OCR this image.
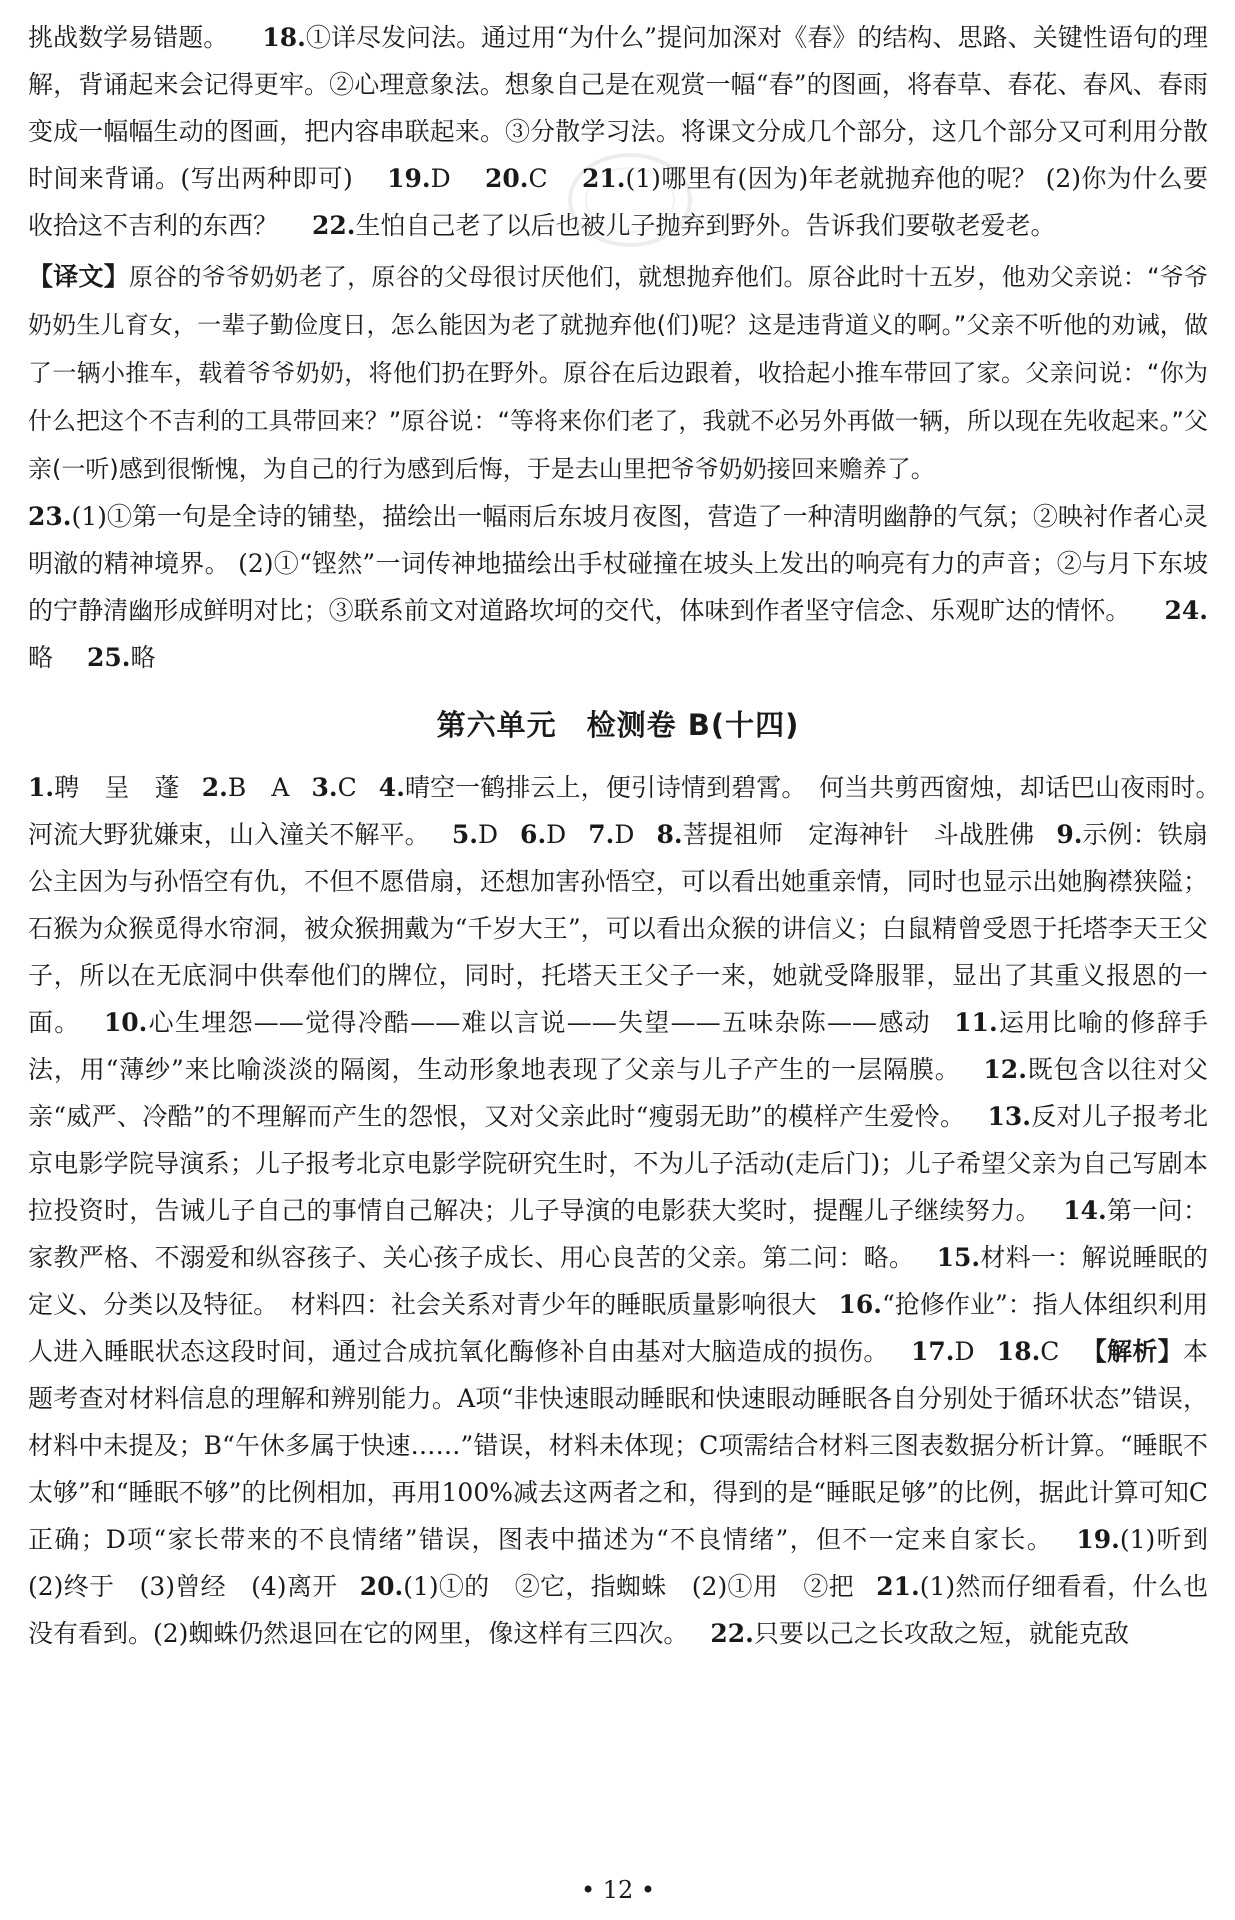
挑战数学易错题。 18.①详尽发问法。通过用“为什么”提问加深对《春》的结构、思路、关键性语句的理解，背诵起来会记得更牢。②心理意象法。想象自己是在观赏一幅“春”的图画，将春草、春花、春风、春雨变成一幅幅生动的图画，把内容串联起来。③分散学习法。将课文分成几个部分，这几个部分又可利用分散时间来背诵。(写出两种即可) 19.D 20.C 21.(1)哪里有(因为)年老就抛弃他的呢？ (2)你为什么要收拾这不吉利的东西？ 22.生怕自己老了以后也被儿子抛弃到野外。告诉我们要敬老爱老。

【译文】原谷的爷爷奶奶老了，原谷的父母很讨厌他们，就想抛弃他们。原谷此时十五岁，他劝父亲说：“爷爷奶奶生儿育女，一辈子勤俭度日，怎么能因为老了就抛弃他(们)呢？这是违背道义的啊。”父亲不听他的劝诫，做了一辆小推车，载着爷爷奶奶，将他们扔在野外。原谷在后边跟着，收拾起小推车带回了家。父亲问说：“你为什么把这个不吉利的工具带回来？”原谷说：“等将来你们老了，我就不必另外再做一辆，所以现在先收起来。”父亲(一听)感到很惭愧，为自己的行为感到后悔，于是去山里把爷爷奶奶接回来赡养了。

23.(1)①第一句是全诗的铺垫，描绘出一幅雨后东坡月夜图，营造了一种清明幽静的气氛；②映衬作者心灵明澈的精神境界。 (2)①“铿然”一词传神地描绘出手杖碰撞在坡头上发出的响亮有力的声音；②与月下东坡的宁静清幽形成鲜明对比；③联系前文对道路坎坷的交代，体味到作者坚守信念、乐观旷达的情怀。 24.略 25.略

第六单元 检测卷 B(十四)

1.聘　呈　蓬 2.B　A 3.C 4.晴空一鹤排云上，便引诗情到碧霄。　何当共剪西窗烛，却话巴山夜雨时。　河流大野犹嫌束，山入潼关不解平。 5.D 6.D 7.D 8.菩提祖师　定海神针　斗战胜佛 9.示例：铁扇公主因为与孙悟空有仇，不但不愿借扇，还想加害孙悟空，可以看出她重亲情，同时也显示出她胸襟狭隘；石猴为众猴觅得水帘洞，被众猴拥戴为“千岁大王”，可以看出众猴的讲信义；白鼠精曾受恩于托塔李天王父子，所以在无底洞中供奉他们的牌位，同时，托塔天王父子一来，她就受降服罪，显出了其重义报恩的一面。 10.心生埋怨——觉得冷酷——难以言说——失望——五味杂陈——感动 11.运用比喻的修辞手法，用“薄纱”来比喻淡淡的隔阂，生动形象地表现了父亲与儿子产生的一层隔膜。 12.既包含以往对父亲“威严、冷酷”的不理解而产生的怨恨，又对父亲此时“瘦弱无助”的模样产生爱怜。 13.反对儿子报考北京电影学院导演系；儿子报考北京电影学院研究生时，不为儿子活动(走后门)；儿子希望父亲为自己写剧本拉投资时，告诫儿子自己的事情自己解决；儿子导演的电影获大奖时，提醒儿子继续努力。 14.第一问：家教严格、不溺爱和纵容孩子、关心孩子成长、用心良苦的父亲。第二问：略。 15.材料一：解说睡眠的定义、分类以及特征。　材料四：社会关系对青少年的睡眠质量影响很大 16.“抢修作业”：指人体组织利用人进入睡眠状态这段时间，通过合成抗氧化酶修补自由基对大脑造成的损伤。 17.D 18.C 【解析】本题考查对材料信息的理解和辨别能力。A项“非快速眼动睡眠和快速眼动睡眠各自分别处于循环状态”错误，材料中未提及；B“午休多属于快速……”错误，材料未体现；C项需结合材料三图表数据分析计算。“睡眠不太够”和“睡眠不够”的比例相加，再用100%减去这两者之和，得到的是“睡眠足够”的比例，据此计算可知C正确；D项“家长带来的不良情绪”错误，图表中描述为“不良情绪”，但不一定来自家长。 19.(1)听到　(2)终于　(3)曾经　(4)离开 20.(1)①的　②它，指蜘蛛　(2)①用　②把 21.(1)然而仔细看看，什么也没有看到。(2)蜘蛛仍然退回在它的网里，像这样有三四次。 22.只要以己之长攻敌之短，就能克敌

• 12 •
